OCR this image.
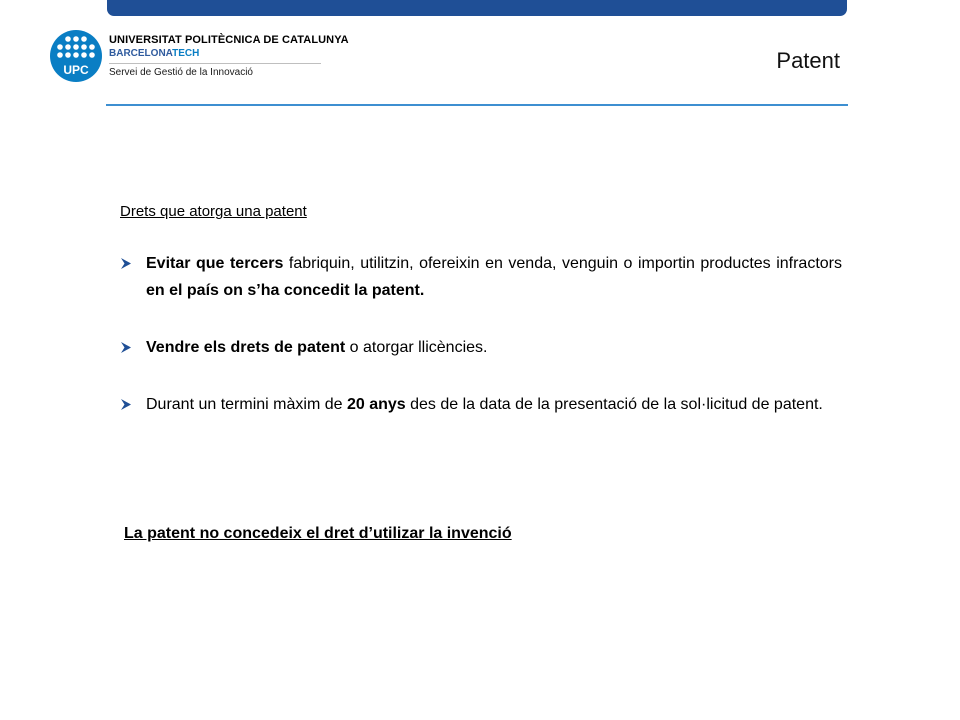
UPC
UNIVERSITAT POLITÈCNICA DE CATALUNYA
BARCELONATECH
Servei de Gestió de la Innovació	Patent
Drets que atorga una patent
Evitar que tercers fabriquin, utilitzin, ofereixin en venda, venguin o importin productes infractors en el país on s’ha concedit la patent.
Vendre els drets de patent o atorgar llicències.
Durant un termini màxim de 20 anys des de la data de la presentació de la sol·licitud de patent.
La patent no concedeix el dret d’utilizar la invenció
